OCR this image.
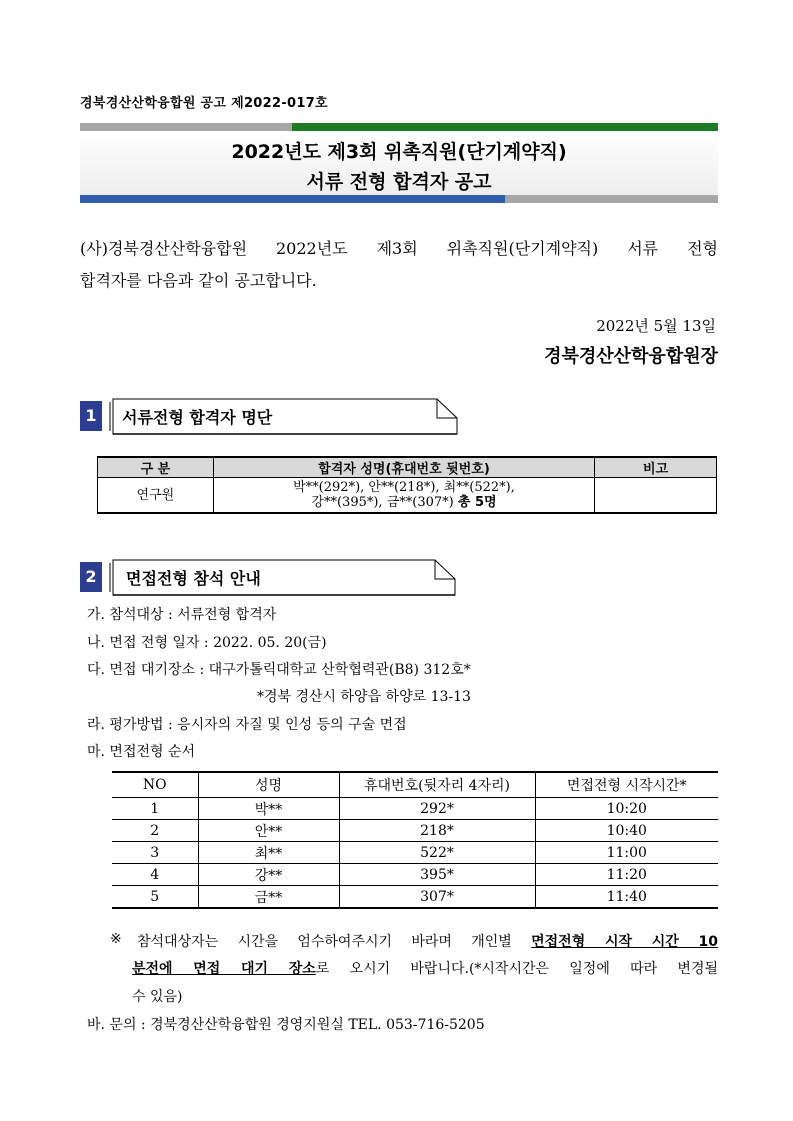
경북경산산학융합원 공고 제2022-017호
2022년도 제3회 위촉직원(단기계약직)
서류 전형 합격자 공고
(사)경북경산산학융합원 2022년도 제3회 위촉직원(단기계약직) 서류 전형
합격자를 다음과 같이 공고합니다.
2022년 5월 13일
경북경산산학융합원장
1	서류전형 합격자 명단
구 분	합격자 성명(휴대번호 뒷번호)	비고
연구원	박**(292*), 안**(218*), 최**(522*),
강**(395*), 금**(307*) 총 5명	
2	면접전형 참석 안내
가. 참석대상 : 서류전형 합격자
나. 면접 전형 일자 : 2022. 05. 20(금)
다. 면접 대기장소 : 대구가톨릭대학교 산학협력관(B8) 312호*
*경북 경산시 하양읍 하양로 13-13
라. 평가방법 : 응시자의 자질 및 인성 등의 구술 면접
마. 면접전형 순서
NO	성명	휴대번호(뒷자리 4자리)	면접전형 시작시간*
1	박**	292*	10:20
2	안**	218*	10:40
3	최**	522*	11:00
4	강**	395*	11:20
5	금**	307*	11:40
※ 참석대상자는 시간을 엄수하여주시기 바라며 개인별 면접전형 시작 시간 10
분전에 면접 대기 장소로 오시기 바랍니다.(*시작시간은 일정에 따라 변경될
수 있음)
바. 문의 : 경북경산산학융합원 경영지원실 TEL. 053-716-5205
